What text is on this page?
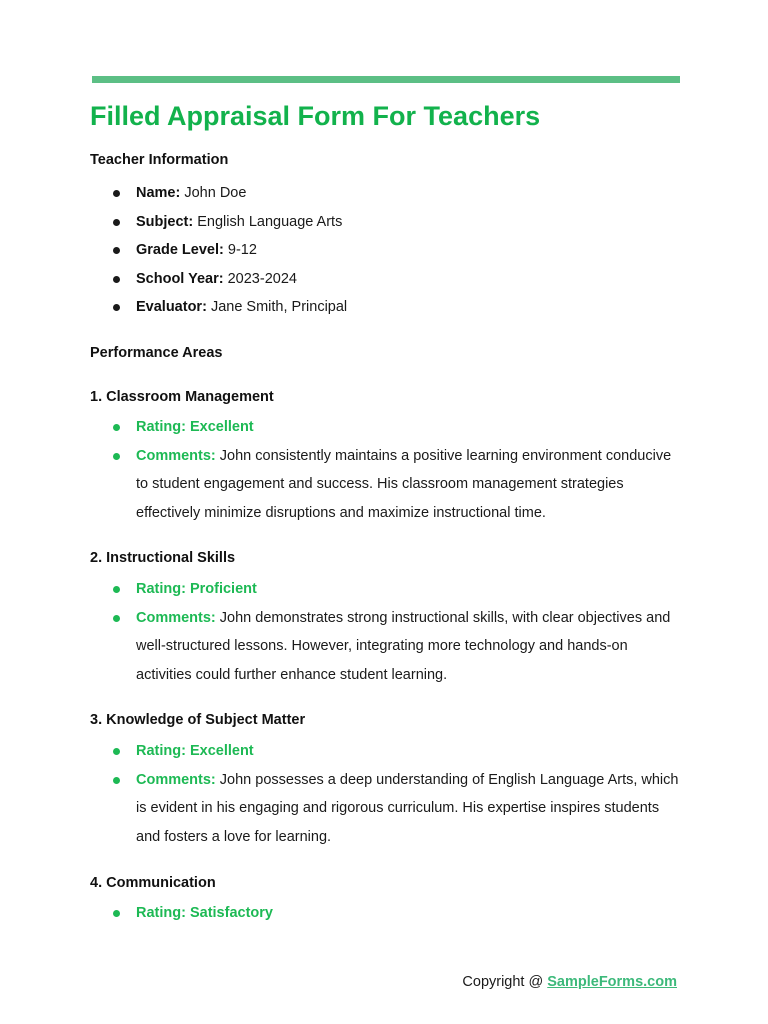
Filled Appraisal Form For Teachers
Teacher Information
Name: John Doe
Subject: English Language Arts
Grade Level: 9-12
School Year: 2023-2024
Evaluator: Jane Smith, Principal
Performance Areas
1. Classroom Management
Rating: Excellent
Comments: John consistently maintains a positive learning environment conducive to student engagement and success. His classroom management strategies effectively minimize disruptions and maximize instructional time.
2. Instructional Skills
Rating: Proficient
Comments: John demonstrates strong instructional skills, with clear objectives and well-structured lessons. However, integrating more technology and hands-on activities could further enhance student learning.
3. Knowledge of Subject Matter
Rating: Excellent
Comments: John possesses a deep understanding of English Language Arts, which is evident in his engaging and rigorous curriculum. His expertise inspires students and fosters a love for learning.
4. Communication
Rating: Satisfactory
Copyright @ SampleForms.com
